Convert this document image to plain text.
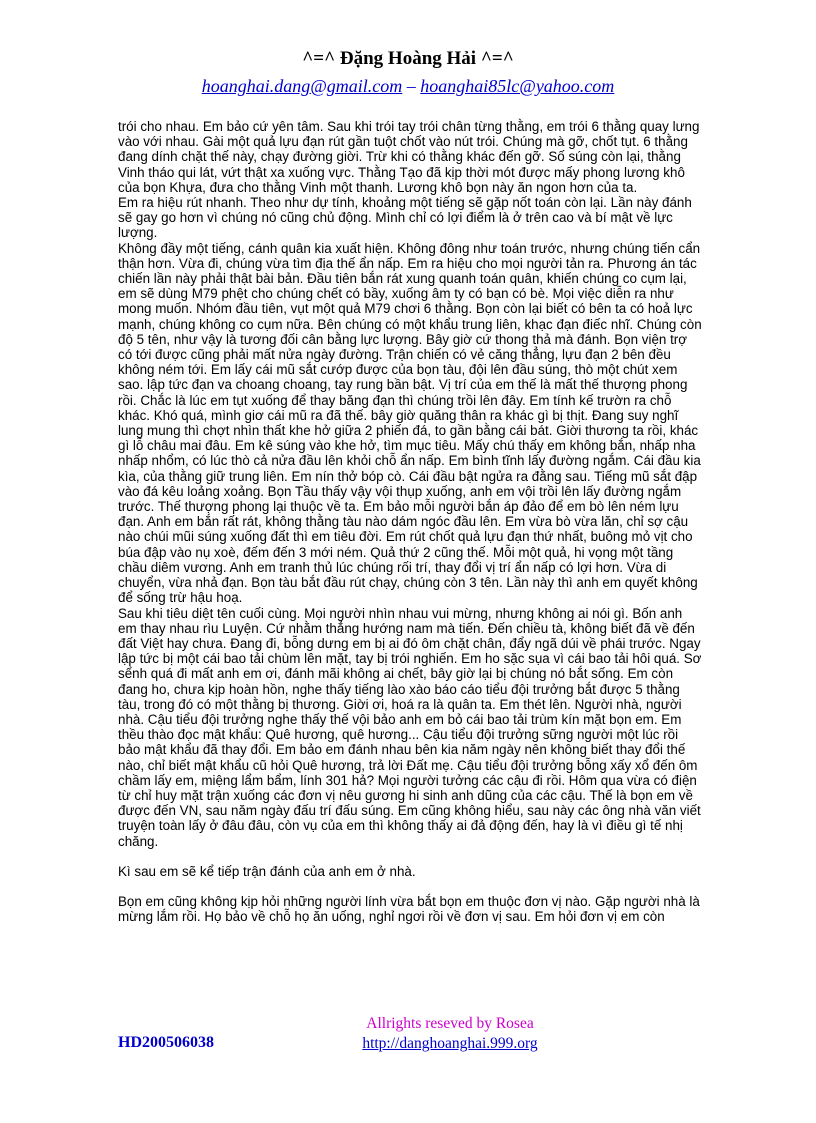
^=^ Đặng Hoàng Hải ^=^
hoanghai.dang@gmail.com – hoanghai85lc@yahoo.com

trói cho nhau. Em bảo cứ yên tâm. Sau khi trói tay trói chân từng thằng, em trói 6 thằng quay lưng vào với nhau. Gài một quả lựu đạn rút gần tuột chốt vào nút trói. Chúng mà gỡ, chốt tụt. 6 thằng đang dính chặt thế này, chạy đường giời. Trừ khi có thằng khác đến gỡ. Số súng còn lại, thằng Vinh tháo qui lát, vứt thật xa xuống vực. Thằng Tạo đã kịp thời mót được mấy phong lương khô của bọn Khựa, đưa cho thằng Vinh một thanh. Lương khô bọn này ăn ngon hơn của ta.

Em ra hiệu rút nhanh. Theo như dự tính, khoảng một tiếng sẽ gặp nốt toán còn lại. Lần này đánh sẽ gay go hơn vì chúng nó cũng chủ động. Mình chỉ có lợi điểm là ở trên cao và bí mật về lực lượng.

Không đầy một tiếng, cánh quân kia xuất hiện. Không đông như toán trước, nhưng chúng tiến cẩn thận hơn. Vừa đi, chúng vừa tìm địa thế ẩn nấp. Em ra hiệu cho mọi người tản ra. Phương án tác chiến lần này phải thật bài bản. Đầu tiên bắn rát xung quanh toán quân, khiến chúng co cụm lại, em sẽ dùng M79 phệt cho chúng chết có bầy, xuống âm ty có bạn có bè. Mọi việc diễn ra như mong muốn. Nhóm đầu tiên, vụt một quả M79 chơi 6 thằng. Bọn còn lại biết có bên ta có hoả lực mạnh, chúng không co cụm nữa. Bên chúng có một khẩu trung liên, khạc đạn điếc nhĩ. Chúng còn độ 5 tên, như vậy là tương đối cân bằng lực lượng. Bây giờ cứ thong thả mà đánh. Bọn viện trợ có tới được cũng phải mất nửa ngày đường. Trận chiến có vẻ căng thẳng, lựu đạn 2 bên đều không ném tới. Em lấy cái mũ sắt cướp được của bọn tàu, đội lên đầu súng, thò một chút xem sao. lập tức đạn va choang choang, tay rung bần bật. Vị trí của em thế là mất thế thượng phong rồi. Chắc là lúc em tụt xuống để thay băng đạn thì chúng trồi lên đây. Em tính kế trườn ra chỗ khác. Khó quá, mình giơ cái mũ ra đã thế. bây giờ quăng thân ra khác gì bị thịt. Đang suy nghĩ lung mung thì chợt nhìn thất khe hở giữa 2 phiến đá, to gần bằng cái bát. Giời thương ta rồi, khác gì lỗ châu mai đâu. Em kê súng vào khe hở, tìm mục tiêu. Mấy chú thấy em không bắn, nhấp nha nhấp nhổm, có lúc thò cả nửa đầu lên khỏi chỗ ẩn nấp. Em bình tĩnh lấy đường ngắm. Cái đầu kia kìa, của thằng giữ trung liên. Em nín thở bóp cò. Cái đầu bật ngửa ra đằng sau. Tiếng mũ sắt đập vào đá kêu loảng xoảng. Bọn Tầu thấy vậy vội thụp xuống, anh em vội trồi lên lấy đường ngắm trước. Thế thượng phong lại thuộc về ta. Em bảo mỗi người bắn áp đảo để em bò lên ném lựu đạn. Anh em bắn rất rát, không thằng tàu nào dám ngóc đầu lên. Em vừa bò vừa lăn, chỉ sợ cậu nào chúi mũi súng xuống đất thì em tiêu đời. Em rút chốt quả lựu đạn thứ nhất, buông mỏ vịt cho búa đập vào nụ xoè, đếm đến 3 mới ném. Quả thứ 2 cũng thế. Mỗi một quả, hi vọng một tầng chầu diêm vương. Anh em tranh thủ lúc chúng rối trí, thay đổi vị trí ẩn nấp có lợi hơn. Vừa di chuyển, vừa nhả đạn. Bọn tàu bắt đầu rút chạy, chúng còn 3 tên. Lần này thì anh em quyết không để sống trừ hậu hoạ.

Sau khi tiêu diệt tên cuối cùng. Mọi người nhìn nhau vui mừng, nhưng không ai nói gì. Bốn anh em thay nhau rìu Luyện. Cứ nhằm thẳng hướng nam mà tiến. Đến chiều tà, không biết đã về đến đất Việt hay chưa. Đang đi, bỗng dưng em bị ai đó ôm chặt chân, đẩy ngã dúi về phái trước. Ngay lập tức bị một cái bao tải chùm lên mặt, tay bị trói nghiến. Em ho sặc sụa vì cái bao tải hôi quá. Sơ sểnh quá đi mất anh em ơi, đánh mãi không ai chết, bây giờ lại bị chúng nó bắt sống. Em còn đang ho, chưa kịp hoàn hồn, nghe thấy tiếng lào xào báo cáo tiểu đội trưởng bắt được 5 thằng tàu, trong đó có một thằng bị thương. Giời ơi, hoá ra là quân ta. Em thét lên. Người nhà, người nhà. Cậu tiểu đội trưởng nghe thấy thế vội bảo anh em bỏ cái bao tải trùm kín mặt bọn em. Em thều thào đọc mật khẩu: Quê hương, quê hương... Cậu tiểu đội trưởng sững người một lúc rồi bảo mật khẩu đã thay đổi. Em bảo em đánh nhau bên kia năm ngày nên không biết thay đổi thế nào, chỉ biết mật khẩu cũ hỏi Quê hương, trả lời Đất mẹ. Cậu tiểu đội trưởng bỗng xấy xổ đến ôm chầm lấy em, miệng lẩm bẩm, lính 301 hả? Mọi người tưởng các cậu đi rồi. Hôm qua vừa có điện từ chỉ huy mặt trận xuống các đơn vị nêu gương hi sinh anh dũng của các cậu. Thế là bọn em về được đến VN, sau năm ngày đấu trí đấu súng. Em cũng không hiểu, sau này các ông nhà văn viết truyện toàn lấy ở đâu đâu, còn vụ của em thì không thấy ai đả động đến, hay là vì điều gì tế nhị chăng.

Kì sau em sẽ kể tiếp trận đánh của anh em ở nhà.

Bọn em cũng không kịp hỏi những người lính vừa bắt bọn em thuộc đơn vị nào. Gặp người nhà là mừng lắm rồi. Họ bảo về chỗ họ ăn uống, nghỉ ngơi rồi về đơn vị sau. Em hỏi đơn vị em còn

HD200506038
Allrights reseved by Rosea
http://danghoanghai.999.org
